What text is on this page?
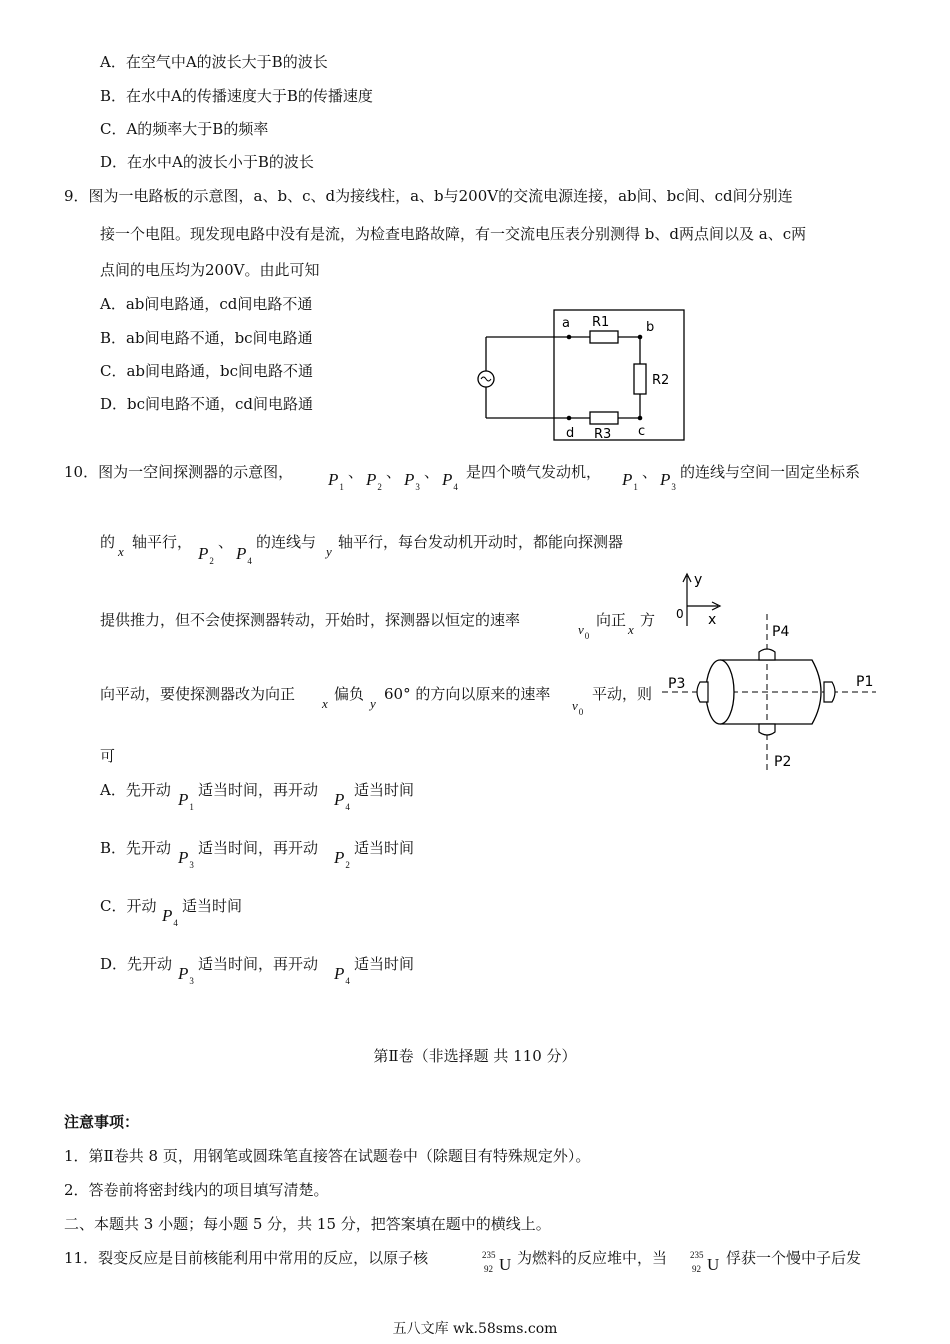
A．在空气中A的波长大于B的波长
B．在水中A的传播速度大于B的传播速度
C．A的频率大于B的频率
D．在水中A的波长小于B的波长
9．图为一电路板的示意图，a、b、c、d为接线柱，a、b与200V的交流电源连接，ab间、bc间、cd间分别连
接一个电阻。现发现电路中没有是流，为检查电路故障，有一交流电压表分别测得 b、d两点间以及 a、c两
点间的电压均为200V。由此可知
A．ab间电路通，cd间电路不通
B．ab间电路不通，bc间电路通
C．ab间电路通，bc间电路不通
D．bc间电路不通，cd间电路通
a	b
c
d
R1
R2
R3
10．图为一空间探测器的示意图， $P_1$
、 $P_2$
、 $P_3$
、 $P_4$
是四个喷气发动机， $P_1$
、 $P_3$
的连线与空间一固定坐标系
的
x
轴平行，
$P_2$
、
$P_4$
的连线与
y
轴平行，每台发动机开动时，都能向探测器
提供推力，但不会使探测器转动，开始时，探测器以恒定的速率
$v_0$
向正
x
方
向平动，要使探测器改为向正
x
偏负
y
60° 的方向以原来的速率
$v_0$
平动，则
可
A．先开动 $P_1$
适当时间，再开动 $P_4$
适当时间
B．先开动 $P_3$
适当时间，再开动 $P_2$
适当时间
C．开动 $P_4$
适当时间
D．先开动 $P_3$
适当时间，再开动 $P_4$
适当时间
y
0 x
P1
P2
P3
P4
第Ⅱ卷（非选择题 共 110 分）
注意事项：
1．第Ⅱ卷共 8 页，用钢笔或圆珠笔直接答在试题卷中（除题目有特殊规定外）。
2．答卷前将密封线内的项目填写清楚。
二、本题共 3 小题；每小题 5 分，共 15 分，把答案填在题中的横线上。
11．裂变反应是目前核能利用中常用的反应，以原子核	235
92 U 为燃料的反应堆中，当	235
92 U 俘获一个慢中子后发
五八文库 wk.58sms.com
